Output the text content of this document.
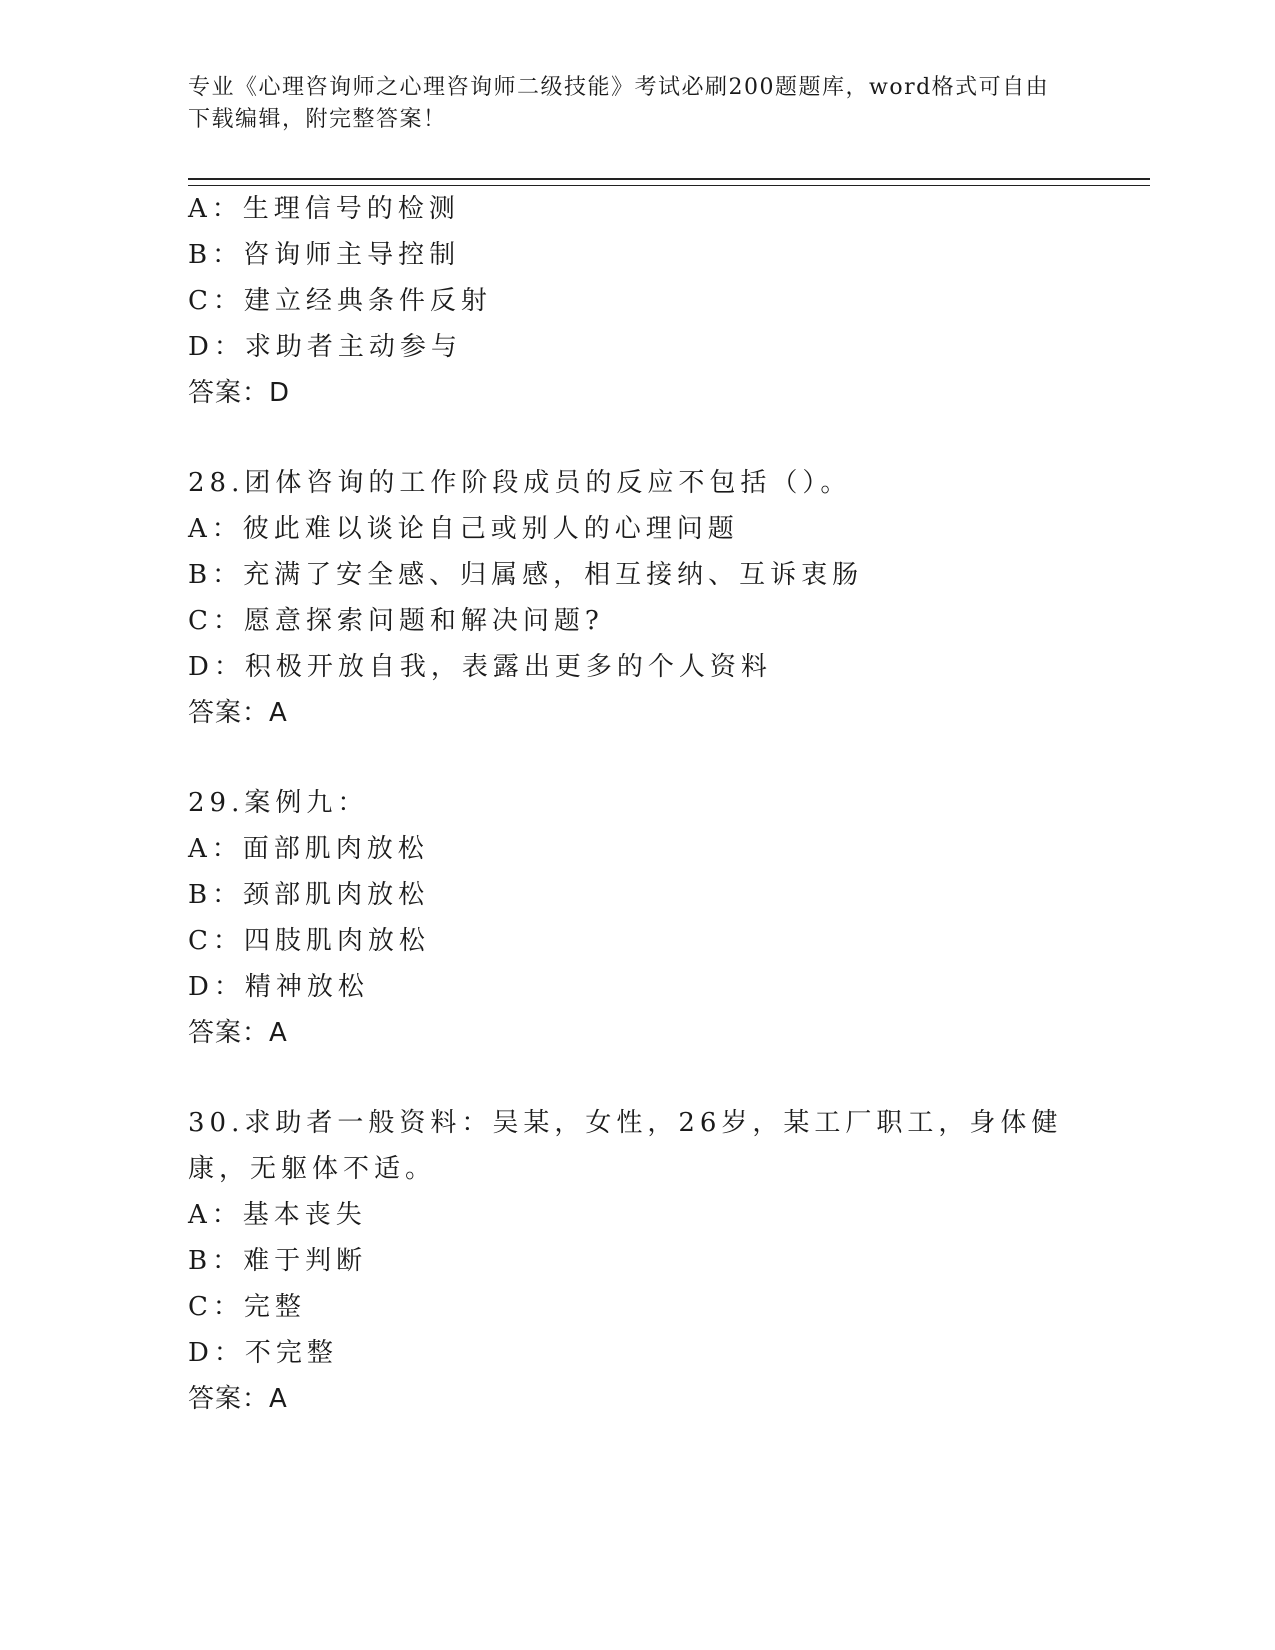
专业《心理咨询师之心理咨询师二级技能》考试必刷200题题库，word格式可自由下载编辑，附完整答案！
A：生理信号的检测
B：咨询师主导控制
C：建立经典条件反射
D：求助者主动参与
答案：D
28.团体咨询的工作阶段成员的反应不包括（）。
A：彼此难以谈论自己或别人的心理问题
B：充满了安全感、归属感，相互接纳、互诉衷肠
C：愿意探索问题和解决问题?
D：积极开放自我，表露出更多的个人资料
答案：A
29.案例九：
A：面部肌肉放松
B：颈部肌肉放松
C：四肢肌肉放松
D：精神放松
答案：A
30.求助者一般资料：吴某，女性，26岁，某工厂职工，身体健康，无躯体不适。
A：基本丧失
B：难于判断
C：完整
D：不完整
答案：A
